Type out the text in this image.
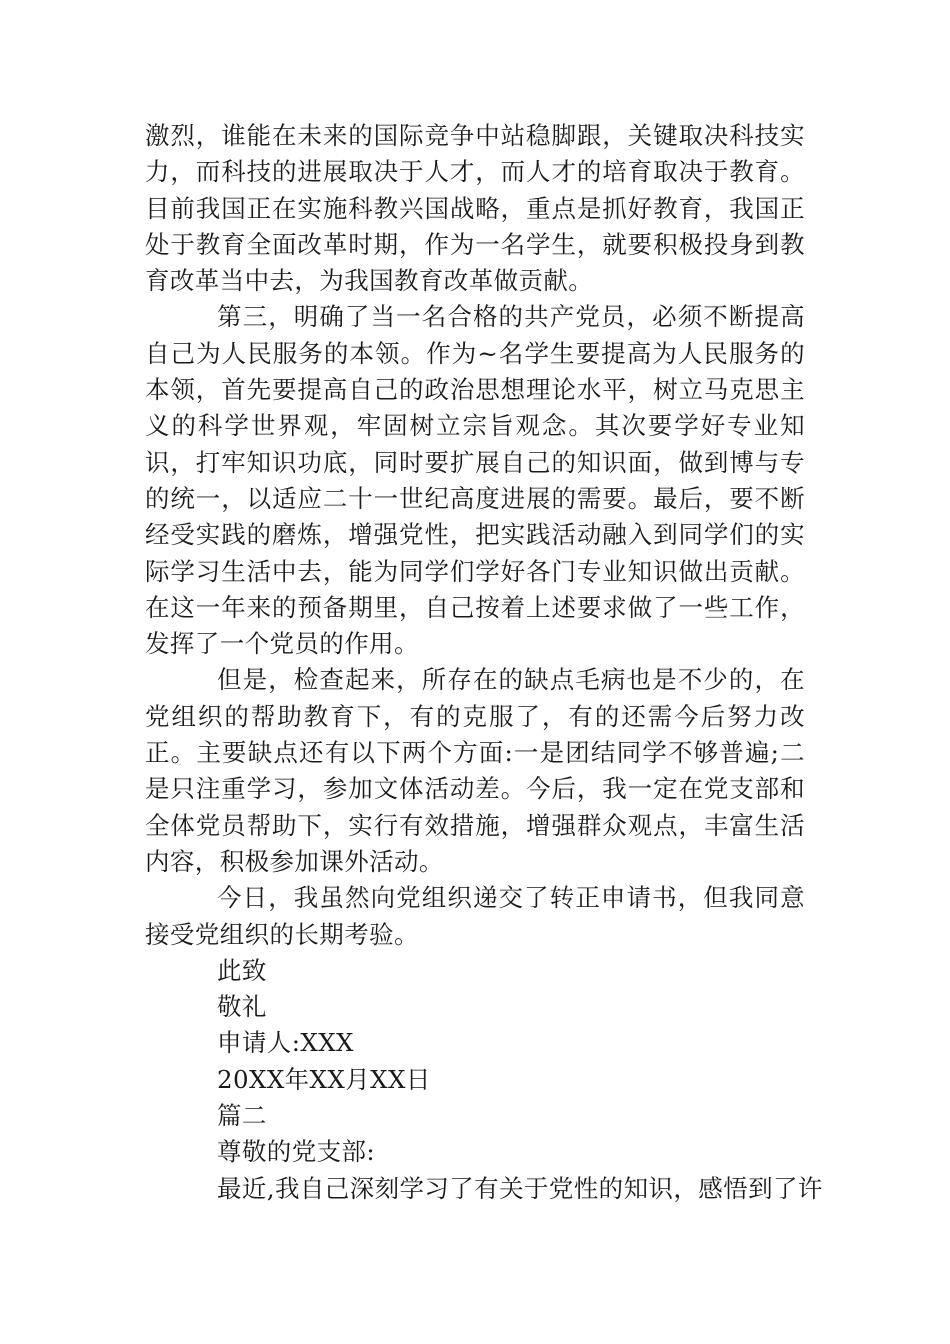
激烈，谁能在未来的国际竞争中站稳脚跟，关键取决科技实力，而科技的进展取决于人才，而人才的培育取决于教育。目前我国正在实施科教兴国战略，重点是抓好教育，我国正处于教育全面改革时期，作为一名学生，就要积极投身到教育改革当中去，为我国教育改革做贡献。

第三，明确了当一名合格的共产党员，必须不断提高自己为人民服务的本领。作为~名学生要提高为人民服务的本领，首先要提高自己的政治思想理论水平，树立马克思主义的科学世界观，牢固树立宗旨观念。其次要学好专业知识，打牢知识功底，同时要扩展自己的知识面，做到博与专的统一，以适应二十一世纪高度进展的需要。最后，要不断经受实践的磨炼，增强党性，把实践活动融入到同学们的实际学习生活中去，能为同学们学好各门专业知识做出贡献。在这一年来的预备期里，自己按着上述要求做了一些工作，发挥了一个党员的作用。

但是，检查起来，所存在的缺点毛病也是不少的，在党组织的帮助教育下，有的克服了，有的还需今后努力改正。主要缺点还有以下两个方面:一是团结同学不够普遍;二是只注重学习，参加文体活动差。今后，我一定在党支部和全体党员帮助下，实行有效措施，增强群众观点，丰富生活内容，积极参加课外活动。

今日，我虽然向党组织递交了转正申请书，但我同意接受党组织的长期考验。

此致

敬礼

申请人:XXX

20XX年XX月XX日

篇二

尊敬的党支部:

最近,我自己深刻学习了有关于党性的知识，感悟到了许
